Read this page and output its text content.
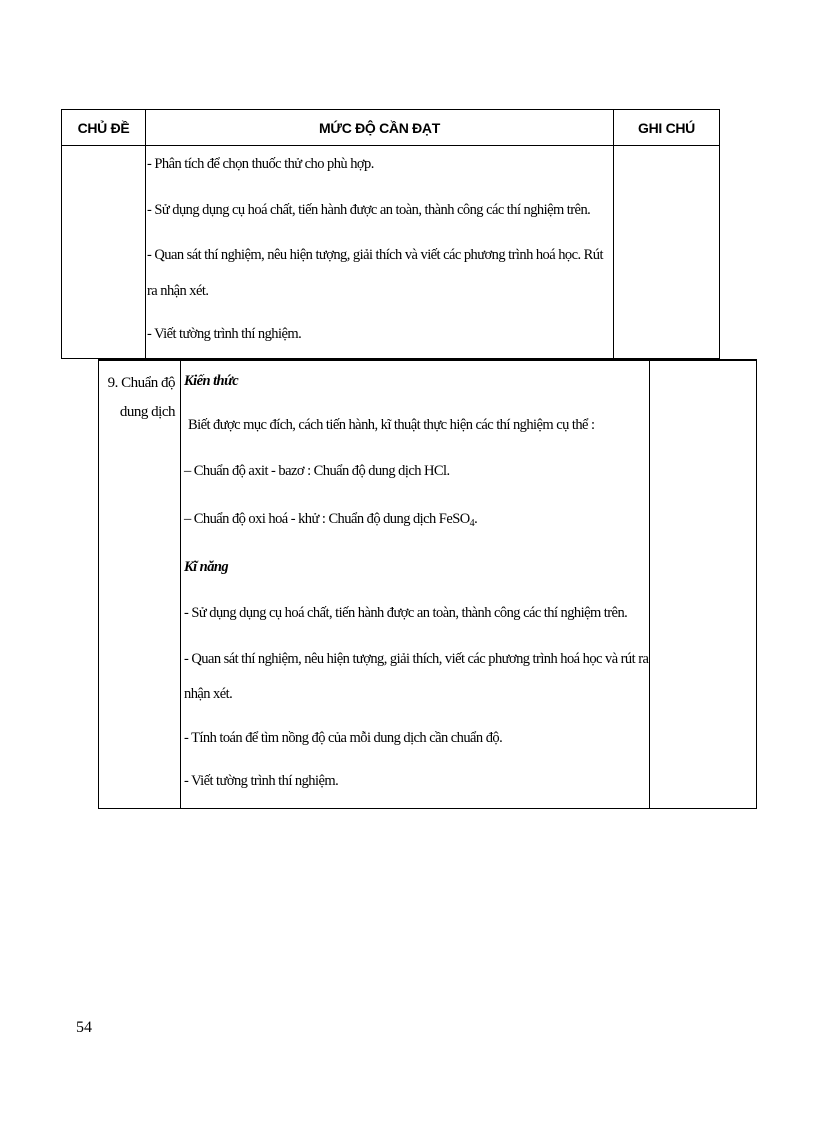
CHỦ ĐỀ	MỨC ĐỘ CẦN ĐẠT	GHI CHÚ
- Phân tích để chọn thuốc thử cho phù hợp.
- Sử dụng dụng cụ hoá chất, tiến hành được an toàn, thành công các thí nghiệm trên.
- Quan sát thí nghiệm, nêu hiện tượng, giải thích và viết các phương trình hoá học. Rút
ra nhận xét.
- Viết tường trình thí nghiệm.
9. Chuẩn độ
dung dịch
Kiến thức
Biết được mục đích, cách tiến hành, kĩ thuật thực hiện các thí nghiệm cụ thể :
– Chuẩn độ axit - bazơ : Chuẩn độ dung dịch HCl.
– Chuẩn độ oxi hoá - khử : Chuẩn độ dung dịch FeSO$_4$.
Kĩ năng
- Sử dụng dụng cụ hoá chất, tiến hành được an toàn, thành công các thí nghiệm trên.
- Quan sát thí nghiệm, nêu hiện tượng, giải thích, viết các phương trình hoá học và rút ra
nhận xét.
- Tính toán để tìm nồng độ của mỗi dung dịch cần chuẩn độ.
- Viết tường trình thí nghiệm.
54
